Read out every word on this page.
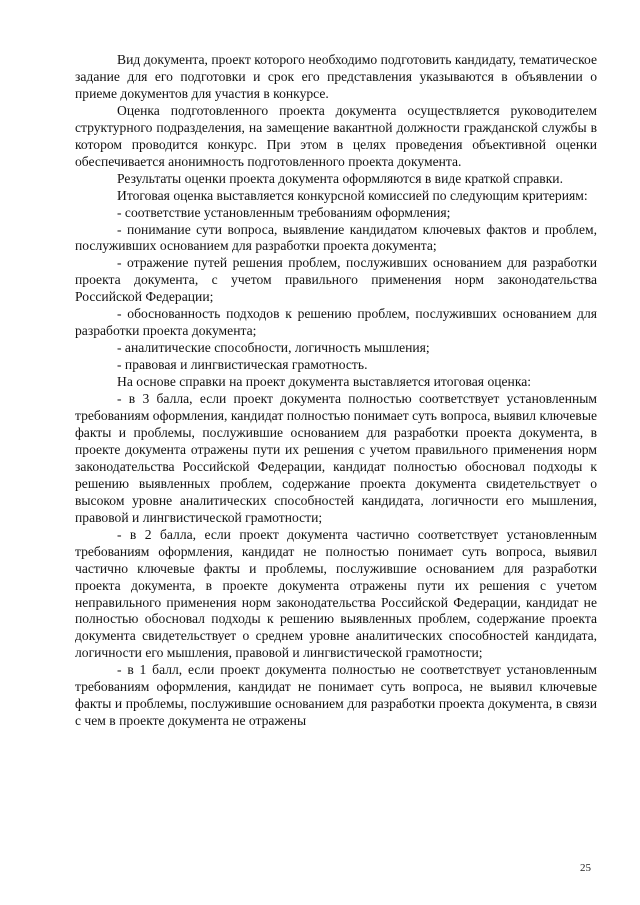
Вид документа, проект которого необходимо подготовить кандидату, тематическое задание для его подготовки и срок его представления указываются в объявлении о приеме документов для участия в конкурсе.

Оценка подготовленного проекта документа осуществляется руководителем структурного подразделения, на замещение вакантной должности гражданской службы в котором проводится конкурс. При этом в целях проведения объективной оценки обеспечивается анонимность подготовленного проекта документа.

Результаты оценки проекта документа оформляются в виде краткой справки.

Итоговая оценка выставляется конкурсной комиссией по следующим критериям:

- соответствие установленным требованиям оформления;

- понимание сути вопроса, выявление кандидатом ключевых фактов и проблем, послуживших основанием для разработки проекта документа;

- отражение путей решения проблем, послуживших основанием для разработки проекта документа, с учетом правильного применения норм законодательства Российской Федерации;

- обоснованность подходов к решению проблем, послуживших основанием для разработки проекта документа;

- аналитические способности, логичность мышления;

- правовая и лингвистическая грамотность.

На основе справки на проект документа выставляется итоговая оценка:

- в 3 балла, если проект документа полностью соответствует установленным требованиям оформления, кандидат полностью понимает суть вопроса, выявил ключевые факты и проблемы, послужившие основанием для разработки проекта документа, в проекте документа отражены пути их решения с учетом правильного применения норм законодательства Российской Федерации, кандидат полностью обосновал подходы к решению выявленных проблем, содержание проекта документа свидетельствует о высоком уровне аналитических способностей кандидата, логичности его мышления, правовой и лингвистической грамотности;

- в 2 балла, если проект документа частично соответствует установленным требованиям оформления, кандидат не полностью понимает суть вопроса, выявил частично ключевые факты и проблемы, послужившие основанием для разработки проекта документа, в проекте документа отражены пути их решения с учетом неправильного применения норм законодательства Российской Федерации, кандидат не полностью обосновал подходы к решению выявленных проблем, содержание проекта документа свидетельствует о среднем уровне аналитических способностей кандидата, логичности его мышления, правовой и лингвистической грамотности;

- в 1 балл, если проект документа полностью не соответствует установленным требованиям оформления, кандидат не понимает суть вопроса, не выявил ключевые факты и проблемы, послужившие основанием для разработки проекта документа, в связи с чем в проекте документа не отражены

25
